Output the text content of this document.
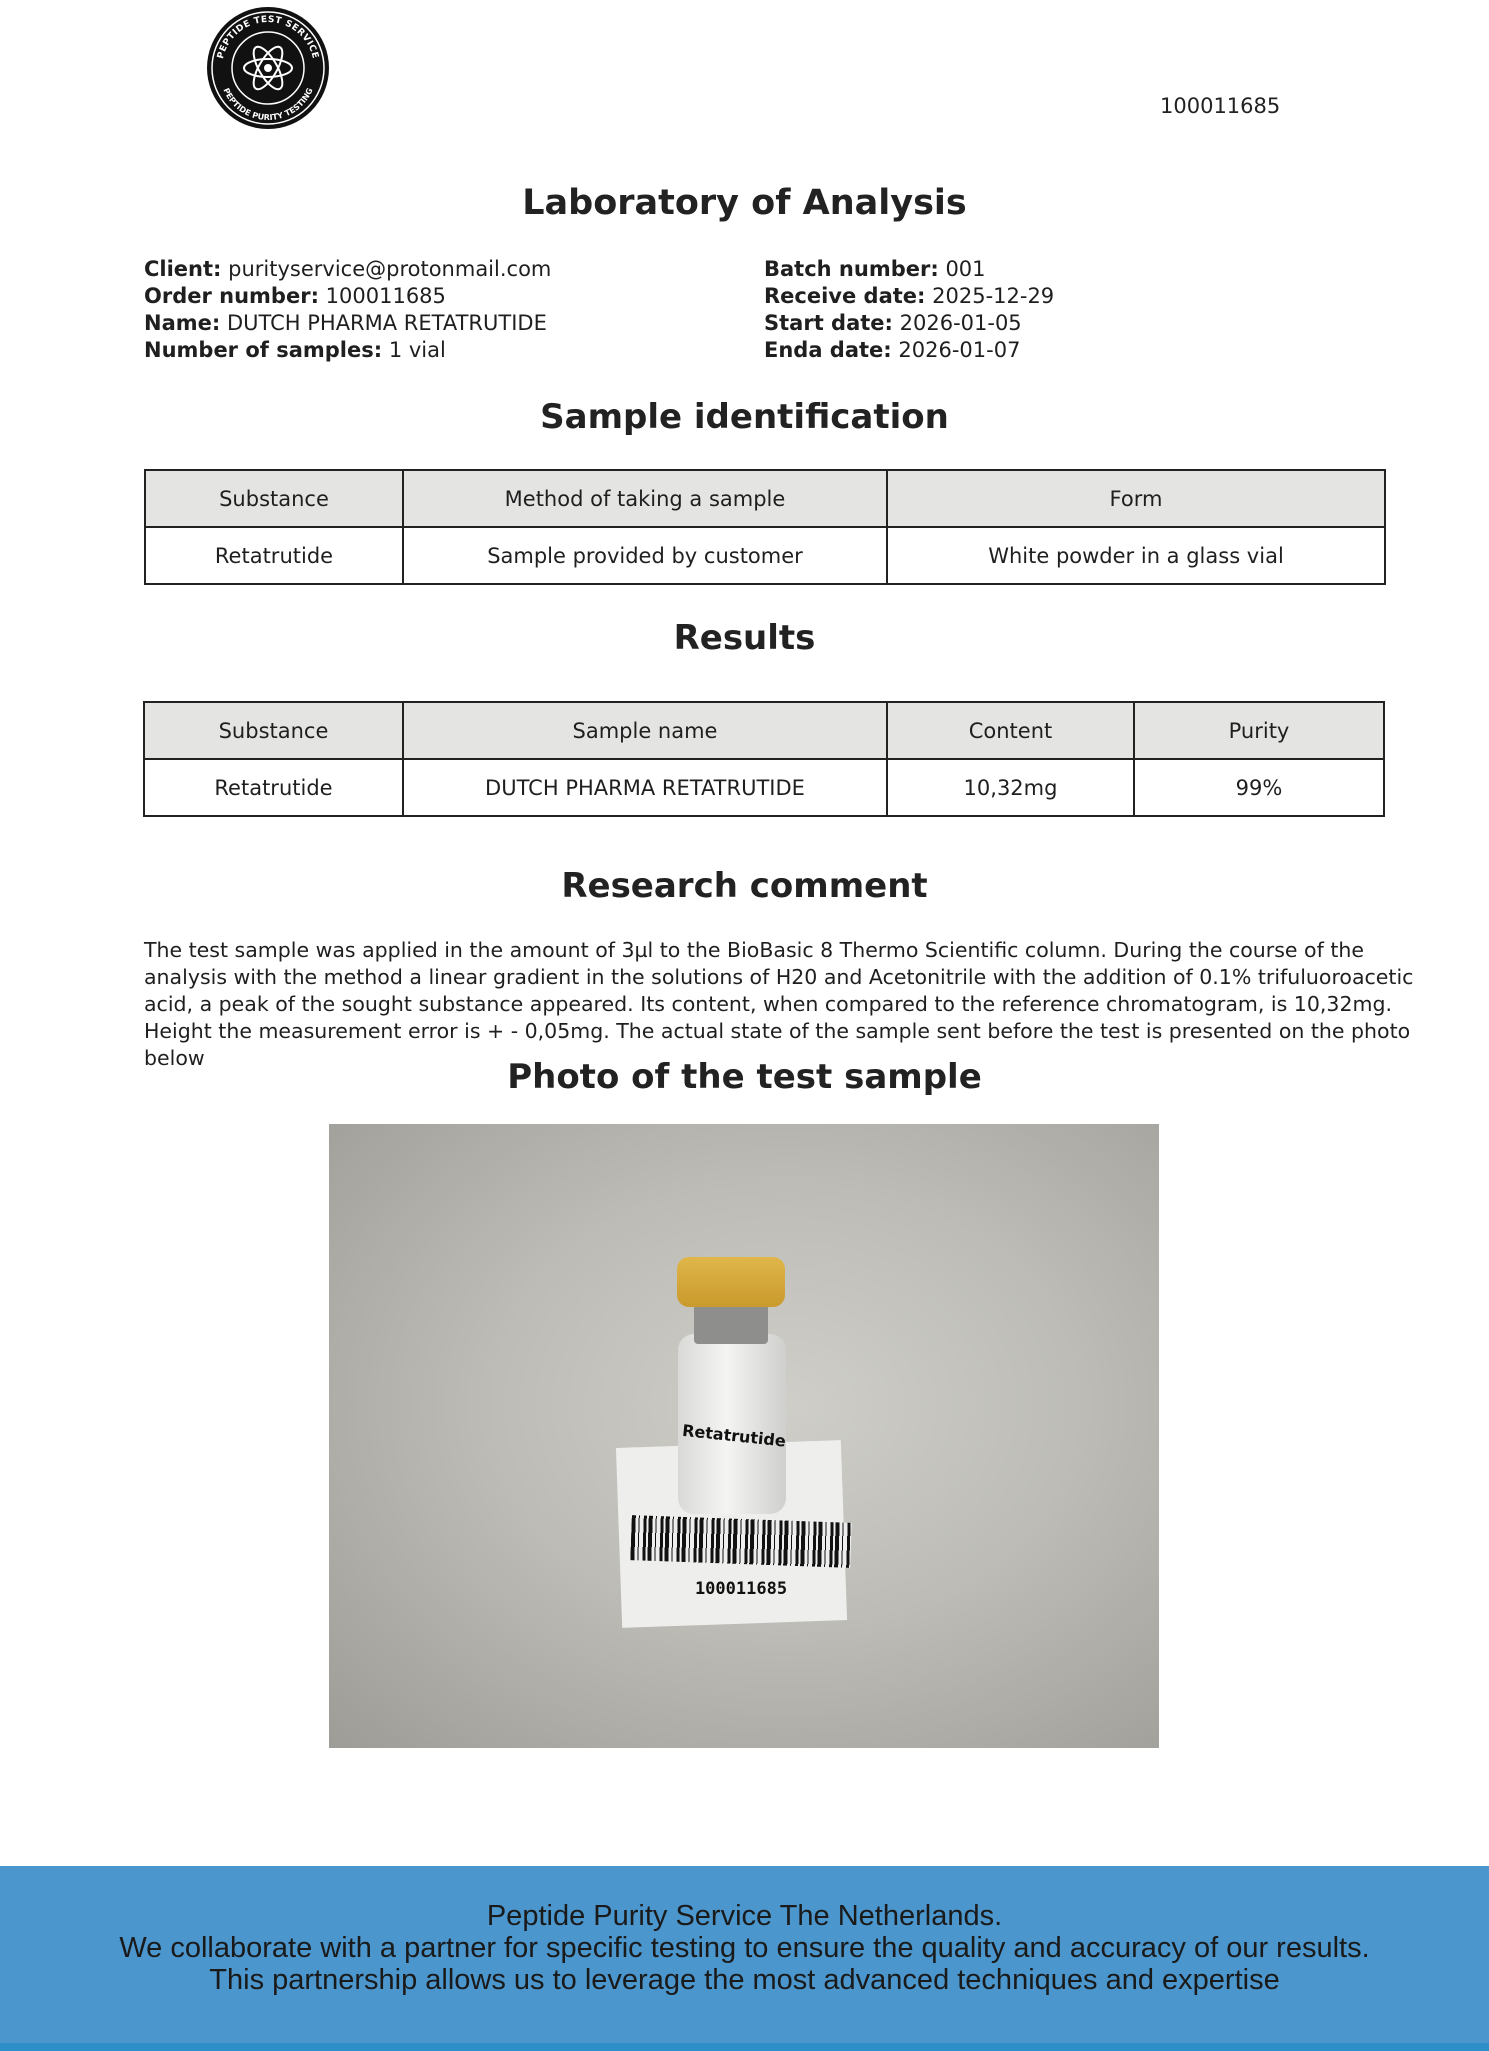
PEPTIDE TEST SERVICE
PEPTIDE PURITY TESTING
100011685
Laboratory of Analysis
Client: purityservice@protonmail.com
Order number: 100011685
Name: DUTCH PHARMA RETATRUTIDE
Number of samples: 1 vial
Batch number: 001
Receive date: 2025-12-29
Start date: 2026-01-05
Enda date: 2026-01-07
Sample identification
Substance	Method of taking a sample	Form
Retatrutide	Sample provided by customer	White powder in a glass vial
Results
Substance	Sample name	Content	Purity
Retatrutide	DUTCH PHARMA RETATRUTIDE	10,32mg	99%
Research comment

The test sample was applied in the amount of 3µl to the BioBasic 8 Thermo Scientific column. During the course of the analysis with the method a linear gradient in the solutions of H20 and Acetonitrile with the addition of 0.1% trifuluoroacetic acid, a peak of the sought substance appeared. Its content, when compared to the reference chromatogram, is 10,32mg. Height the measurement error is + - 0,05mg. The actual state of the sample sent before the test is presented on the photo below	Photo of the test sample
Retatrutide
100011685
Peptide Purity Service The Netherlands.
We collaborate with a partner for specific testing to ensure the quality and accuracy of our results.
This partnership allows us to leverage the most advanced techniques and expertise
